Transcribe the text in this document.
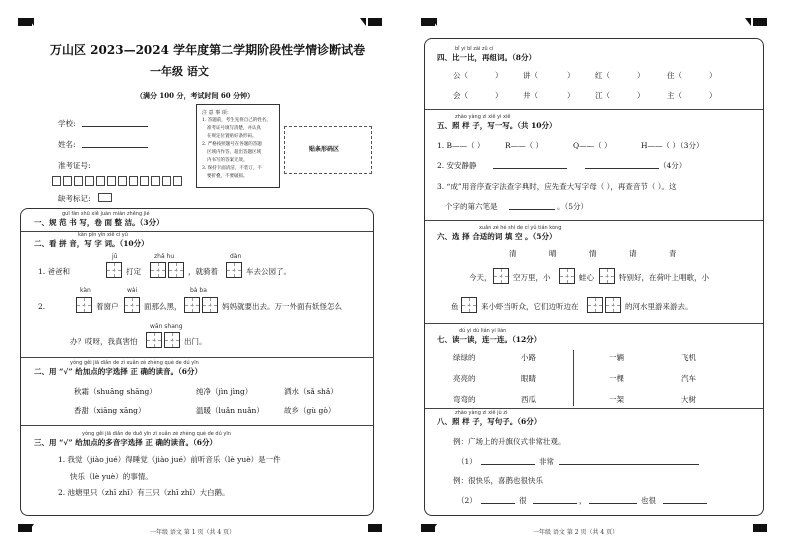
万山区 2023—2024 学年度第二学期阶段性学情诊断试卷
一年级 语文
（满分 100 分，考试时间 60 分钟）
学校:
姓名:
准考证号:
缺考标记:
注 意 事 项：
1. 答题前，考生先将自己的姓名、
准考证号填写清楚，并认真
在规定位置贴好条形码。
2. 严格按照题号在各题的答题
区域内作答，超出答题区域
内书写的答案无效。
3. 保持卡面清洁，不装订，不
要折叠，不要破损。
贴条形码区
guī fàn shū xiě juàn miàn zhěng jié
一、规 范 书 写，卷 面 整 洁。（3分）
kàn pīn yīn xiě cí yǔ
二、看 拼 音，写 字 词。（10分）
jū	zhǎ hu	dàn
1. 爸爸和	打定	，就骑着	车去公园了。
kàn	wài	bà ba
2.	着窗户	面那么黑，	妈妈就要出去。万一外面有妖怪怎么
wān shang
办？哎呀，我真害怕	出门。
yòng gěi jiā diǎn de zì xuǎn zé zhèng què de dú yīn
二、用 “√” 给加点的字选择 正 确的读音。（6分）
秋霜（shuāng shāng）	纯净（jìn jìng）	洒水（sǎ shǎ）
香甜（xiāng xāng）	温暖（luǎn nuǎn）	故乡（gù gò）
yòng gěi jiā diǎn de duō yīn zì xuǎn zé zhèng què de dú yīn
三、用 “√” 给加点的多音字选择 正 确的读音。（6分）
1. 我觉（jiào jué）得睡觉（jiào jué）前听音乐（lè yuè）是一件
快乐（lè yuè）的事情。
2. 池塘里只（zhī zhǐ）有三只（zhī zhǐ）大白鹅。
一年级 语文 第 1 页（共 4 页）
bǐ yi bǐ zài zǔ cí
四、比一比，再组词。（8分）
公（	）	讲（	）	红（	）	住（	）
会（	）	井（	）	江（	）	主（	）
zhào yàng zi xiě yi xiě
五、照 样 子，写一写。（共 10分）
1. B——（ ）	R——（ ）	Q——（ ）	H——（ ）（3分）
2. 安安静静	（4分）
3. “成”用音序查字法查字典时，应先查大写字母（ ），再查音节（ ）。这
个字的第六笔是	。（5分）
xuǎn zé hé shì de cí yǔ tián kòng
六、选 择 合适的词 填 空 。（5分）
清	晴	情	请	青
今天，	空万里，小	蛙心	特别好，在荷叶上唱歌，小
鱼	来小虾当听众，它们边听边在	的河水里游来游去。
dú yi dú lián yi lián
七、读一读，连一连。（12分）
绿绿的	小路
亮亮的	眼睛
弯弯的	西瓜
一辆	飞机
一棵	汽车
一架	大树
zhào yàng zi xiě jù zi
八、照 样 子，写句子。（6分）
例：广场上的升旗仪式非常壮观。
（1）	非常
例：很快乐，喜鹊也很快乐
（2）	很	，	也很
一年级 语文 第 2 页（共 4 页）
